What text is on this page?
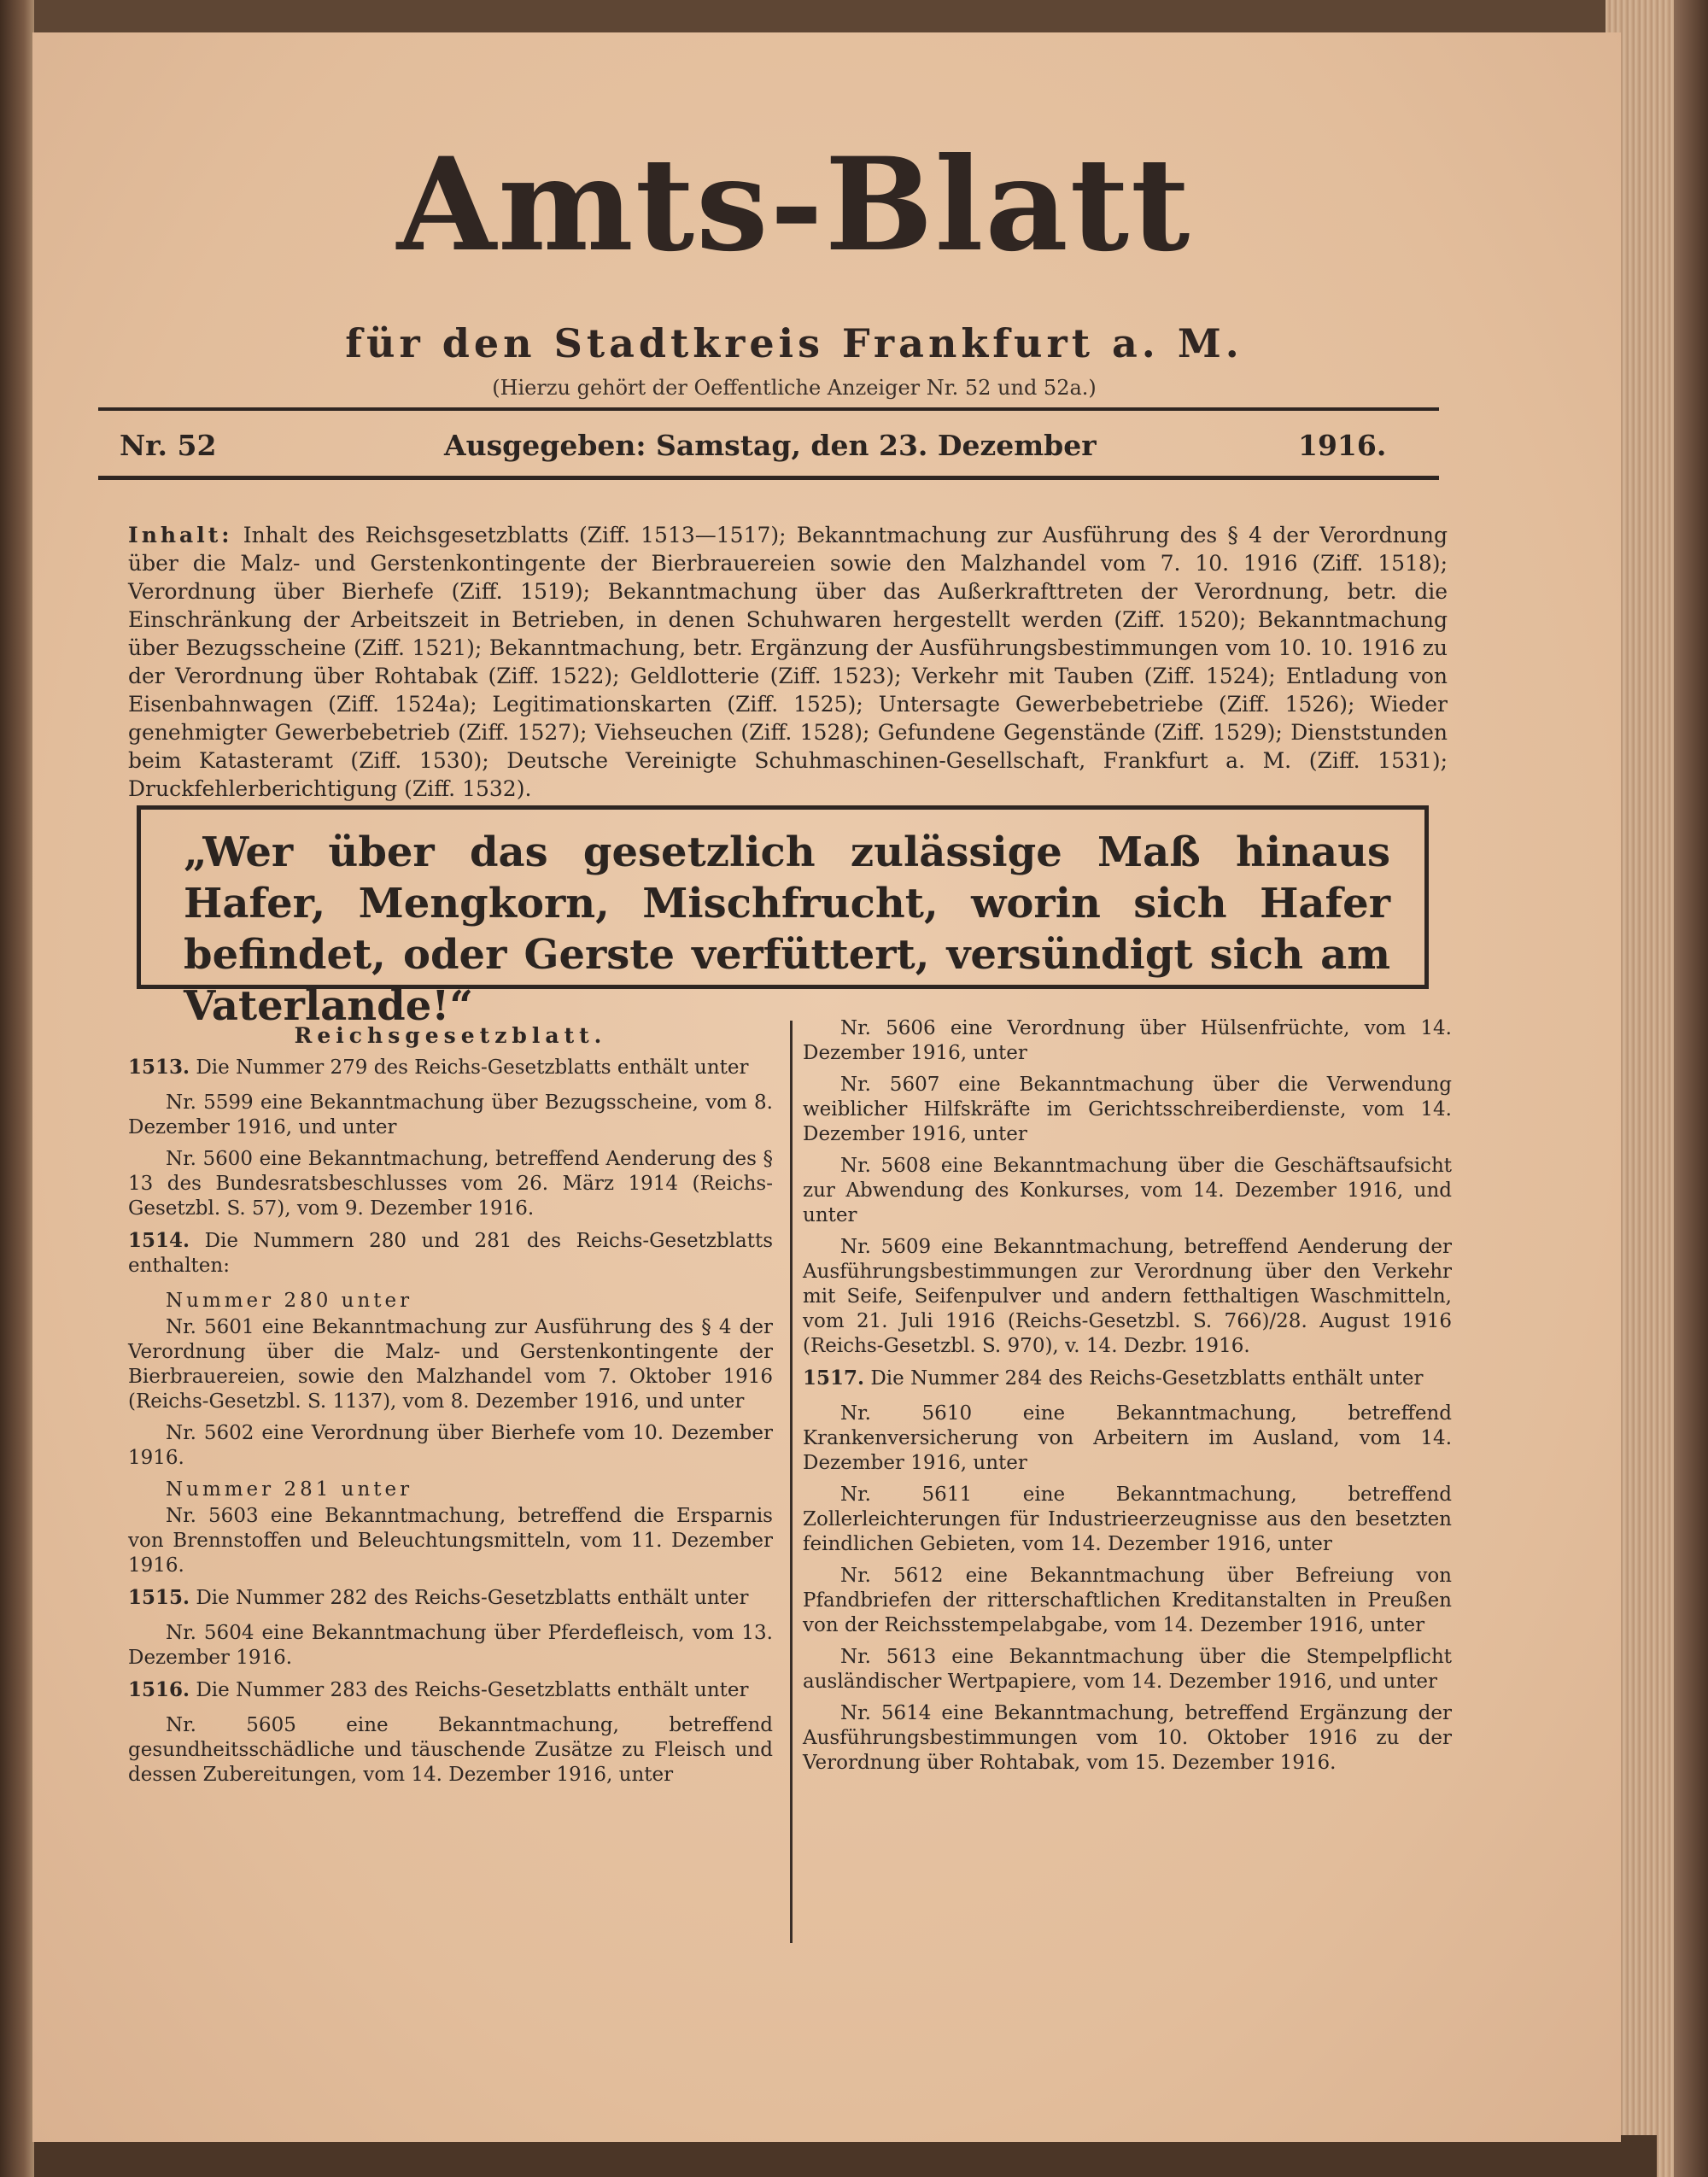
Amts-Blatt
für den Stadtkreis Frankfurt a. M.
(Hierzu gehört der Oeffentliche Anzeiger Nr. 52 und 52a.)
Nr. 52	Ausgegeben: Samstag, den 23. Dezember	1916.
Inhalt: Inhalt des Reichsgesetzblatts (Ziff. 1513—1517); Bekanntmachung zur Ausführung des § 4 der Verordnung über die Malz- und Gerstenkontingente der Bierbrauereien sowie den Malzhandel vom 7. 10. 1916 (Ziff. 1518); Verordnung über Bierhefe (Ziff. 1519); Bekanntmachung über das Außerkrafttreten der Verordnung, betr. die Einschränkung der Arbeitszeit in Betrieben, in denen Schuhwaren hergestellt werden (Ziff. 1520); Bekanntmachung über Bezugsscheine (Ziff. 1521); Bekanntmachung, betr. Ergänzung der Ausführungsbestimmungen vom 10. 10. 1916 zu der Verordnung über Rohtabak (Ziff. 1522); Geldlotterie (Ziff. 1523); Verkehr mit Tauben (Ziff. 1524); Entladung von Eisenbahnwagen (Ziff. 1524a); Legitimationskarten (Ziff. 1525); Untersagte Gewerbebetriebe (Ziff. 1526); Wieder genehmigter Gewerbebetrieb (Ziff. 1527); Viehseuchen (Ziff. 1528); Gefundene Gegenstände (Ziff. 1529); Dienststunden beim Katasteramt (Ziff. 1530); Deutsche Vereinigte Schuhmaschinen-Gesellschaft, Frankfurt a. M. (Ziff. 1531); Druckfehlerberichtigung (Ziff. 1532).
„Wer über das gesetzlich zulässige Maß hinaus Hafer, Mengkorn, Mischfrucht, worin sich Hafer befindet, oder Gerste verfüttert, versündigt sich am Vaterlande!“
Reichsgesetzblatt.
1513. Die Nummer 279 des Reichs-Gesetzblatts enthält unter
Nr. 5599 eine Bekanntmachung über Bezugsscheine, vom 8. Dezember 1916, und unter
Nr. 5600 eine Bekanntmachung, betreffend Aenderung des § 13 des Bundesratsbeschlusses vom 26. März 1914 (Reichs-Gesetzbl. S. 57), vom 9. Dezember 1916.
1514. Die Nummern 280 und 281 des Reichs-Gesetzblatts enthalten:
Nummer 280 unter
Nr. 5601 eine Bekanntmachung zur Ausführung des § 4 der Verordnung über die Malz- und Gerstenkontingente der Bierbrauereien, sowie den Malzhandel vom 7. Oktober 1916 (Reichs-Gesetzbl. S. 1137), vom 8. Dezember 1916, und unter
Nr. 5602 eine Verordnung über Bierhefe vom 10. Dezember 1916.
Nummer 281 unter
Nr. 5603 eine Bekanntmachung, betreffend die Ersparnis von Brennstoffen und Beleuchtungsmitteln, vom 11. Dezember 1916.
1515. Die Nummer 282 des Reichs-Gesetzblatts enthält unter
Nr. 5604 eine Bekanntmachung über Pferdefleisch, vom 13. Dezember 1916.
1516. Die Nummer 283 des Reichs-Gesetzblatts enthält unter
Nr. 5605 eine Bekanntmachung, betreffend gesundheitsschädliche und täuschende Zusätze zu Fleisch und dessen Zubereitungen, vom 14. Dezember 1916, unter
Nr. 5606 eine Verordnung über Hülsenfrüchte, vom 14. Dezember 1916, unter
Nr. 5607 eine Bekanntmachung über die Verwendung weiblicher Hilfskräfte im Gerichtsschreiberdienste, vom 14. Dezember 1916, unter
Nr. 5608 eine Bekanntmachung über die Geschäftsaufsicht zur Abwendung des Konkurses, vom 14. Dezember 1916, und unter
Nr. 5609 eine Bekanntmachung, betreffend Aenderung der Ausführungsbestimmungen zur Verordnung über den Verkehr mit Seife, Seifenpulver und andern fetthaltigen Waschmitteln, vom 21. Juli 1916 (Reichs-Gesetzbl. S. 766)/28. August 1916 (Reichs-Gesetzbl. S. 970), v. 14. Dezbr. 1916.
1517. Die Nummer 284 des Reichs-Gesetzblatts enthält unter
Nr. 5610 eine Bekanntmachung, betreffend Krankenversicherung von Arbeitern im Ausland, vom 14. Dezember 1916, unter
Nr. 5611 eine Bekanntmachung, betreffend Zollerleichterungen für Industrieerzeugnisse aus den besetzten feindlichen Gebieten, vom 14. Dezember 1916, unter
Nr. 5612 eine Bekanntmachung über Befreiung von Pfandbriefen der ritterschaftlichen Kreditanstalten in Preußen von der Reichsstempelabgabe, vom 14. Dezember 1916, unter
Nr. 5613 eine Bekanntmachung über die Stempelpflicht ausländischer Wertpapiere, vom 14. Dezember 1916, und unter
Nr. 5614 eine Bekanntmachung, betreffend Ergänzung der Ausführungsbestimmungen vom 10. Oktober 1916 zu der Verordnung über Rohtabak, vom 15. Dezember 1916.
